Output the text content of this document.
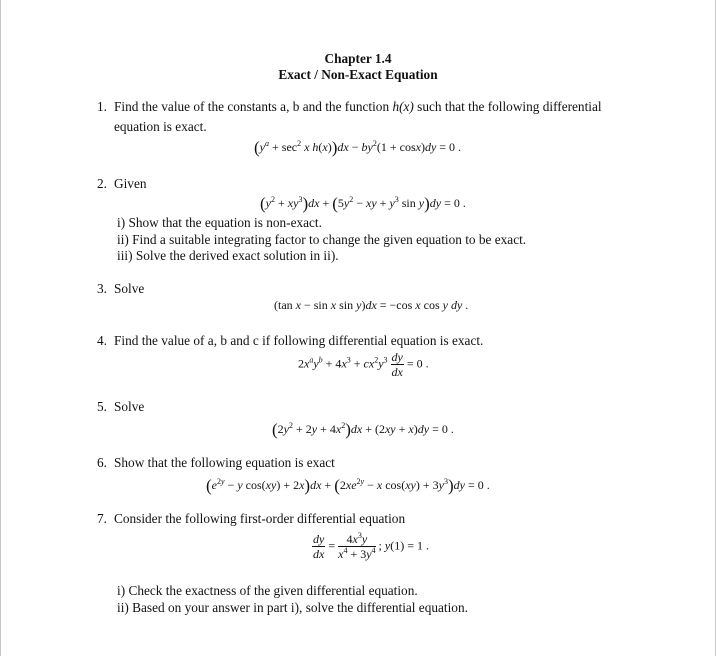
Chapter 1.4
Exact / Non-Exact Equation
1. Find the value of the constants a, b and the function h(x) such that the following differential
equation is exact.
($y^a + \sec^2 x$ $h(x))dx - by^2(1 + \cos x)dy = 0$ .
2. Given
$(y^2 + xy^3)dx + (5y^2$ − xy + $y^3$ sin y)dy = 0 .
i) Show that the equation is non-exact.
ii) Find a suitable integrating factor to change the given equation to be exact.
iii) Solve the derived exact solution in ii).
3. Solve
(tan x − sin x sin y)dx = −cos x cos y dy .
4. Find the value of a, b and c if following differential equation is exact.
$2x^ay^b + 4x^3 + cx^2y^3 \frac{dy}{dx} = 0$ .
5. Solve
$(2y^2 + 2y + 4x^2)dx + (2xy + x)dy = 0$ .
6. Show that the following equation is exact
($e^{2y} - y$ $\cos(xy) + 2x)dx + (2xe^{2y} - x$ $\cos(xy) + 3y^3)dy = 0$ .
7. Consider the following first-order differential equation
$\frac{dy}{dx} = \frac{4x^3y}{x^4 + 3y^4}$ ; y(1) = 1 .
i) Check the exactness of the given differential equation.
ii) Based on your answer in part i), solve the differential equation.
